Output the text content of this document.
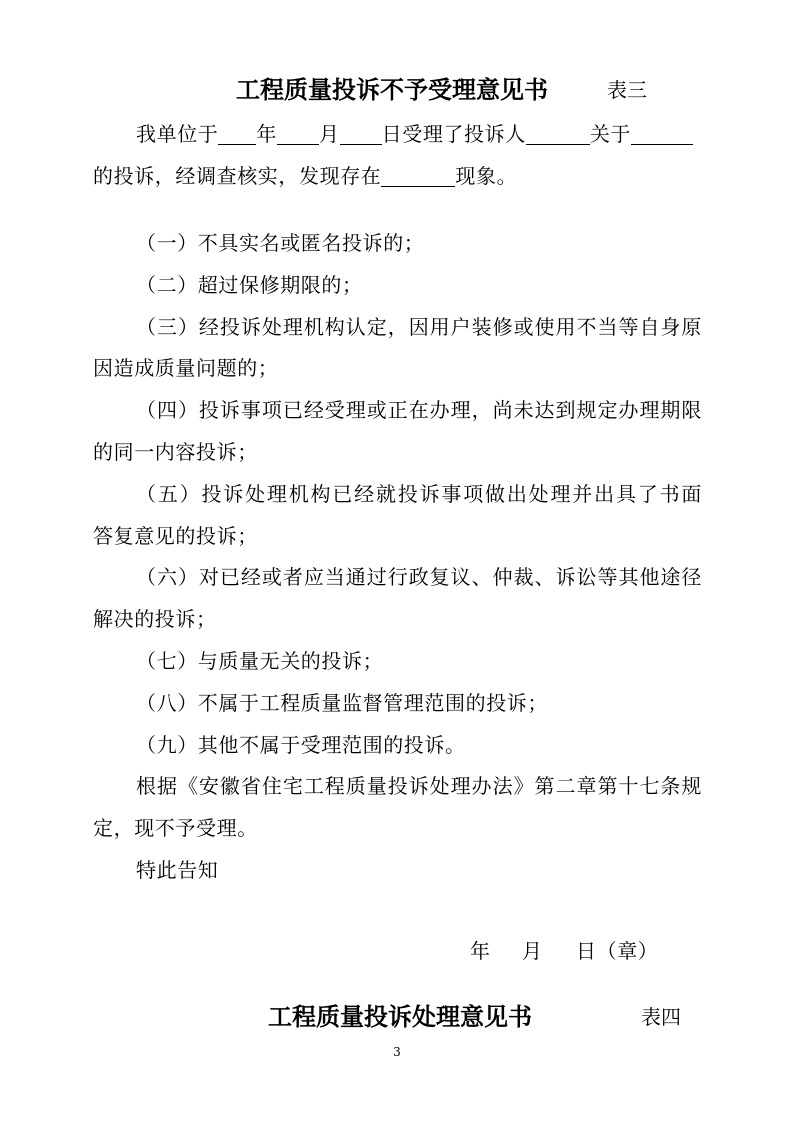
工程质量投诉不予受理意见书	表三
我单位于 年 月 日受理了投诉人	关于
的投诉，经调查核实，发现存在	现象。
（一）不具实名或匿名投诉的；
（二）超过保修期限的；
（三）经投诉处理机构认定，因用户装修或使用不当等自身原
因造成质量问题的；
（四）投诉事项已经受理或正在办理，尚未达到规定办理期限
的同一内容投诉；
（五）投诉处理机构已经就投诉事项做出处理并出具了书面
答复意见的投诉；
（六）对已经或者应当通过行政复议、仲裁、诉讼等其他途径
解决的投诉；
（七）与质量无关的投诉；
（八）不属于工程质量监督管理范围的投诉；
（九）其他不属于受理范围的投诉。
根据《安徽省住宅工程质量投诉处理办法》第二章第十七条规
定，现不予受理。
特此告知
年 月 日（章）
工程质量投诉处理意见书	表四
3
